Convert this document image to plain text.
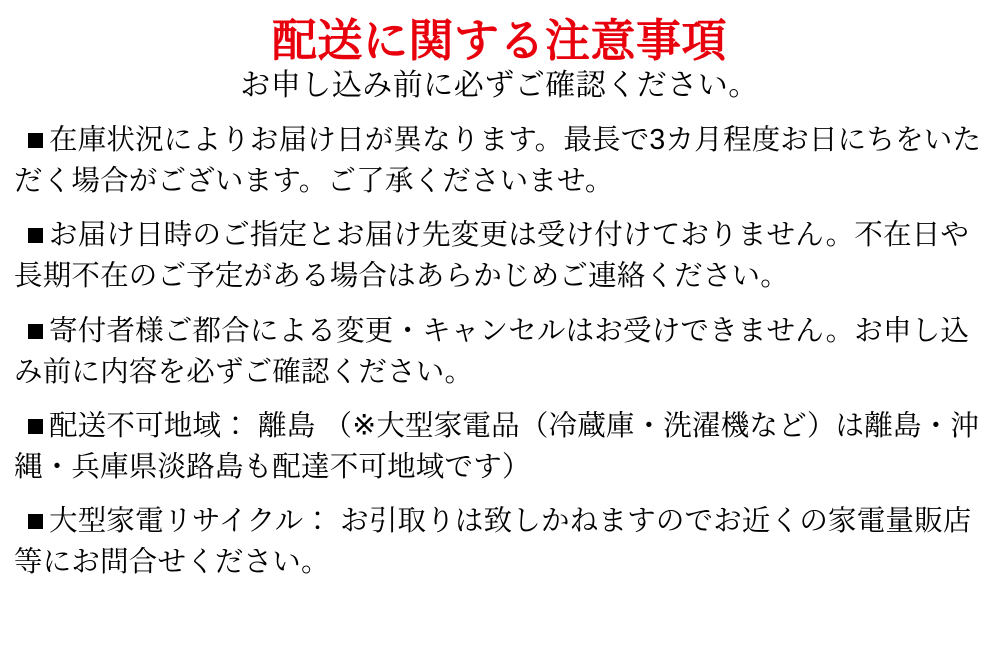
配送に関する注意事項
お申し込み前に必ずご確認ください。
在庫状況によりお届け日が異なります。最長で3カ月程度お日にちをいただく場合がございます。ご了承くださいませ。
お届け日時のご指定とお届け先変更は受け付けておりません。不在日や長期不在のご予定がある場合はあらかじめご連絡ください。
寄付者様ご都合による変更・キャンセルはお受けできません。お申し込み前に内容を必ずご確認ください。
配送不可地域： 離島 （※大型家電品（冷蔵庫・洗濯機など）は離島・沖縄・兵庫県淡路島も配達不可地域です）
大型家電リサイクル： お引取りは致しかねますのでお近くの家電量販店等にお問合せください。
